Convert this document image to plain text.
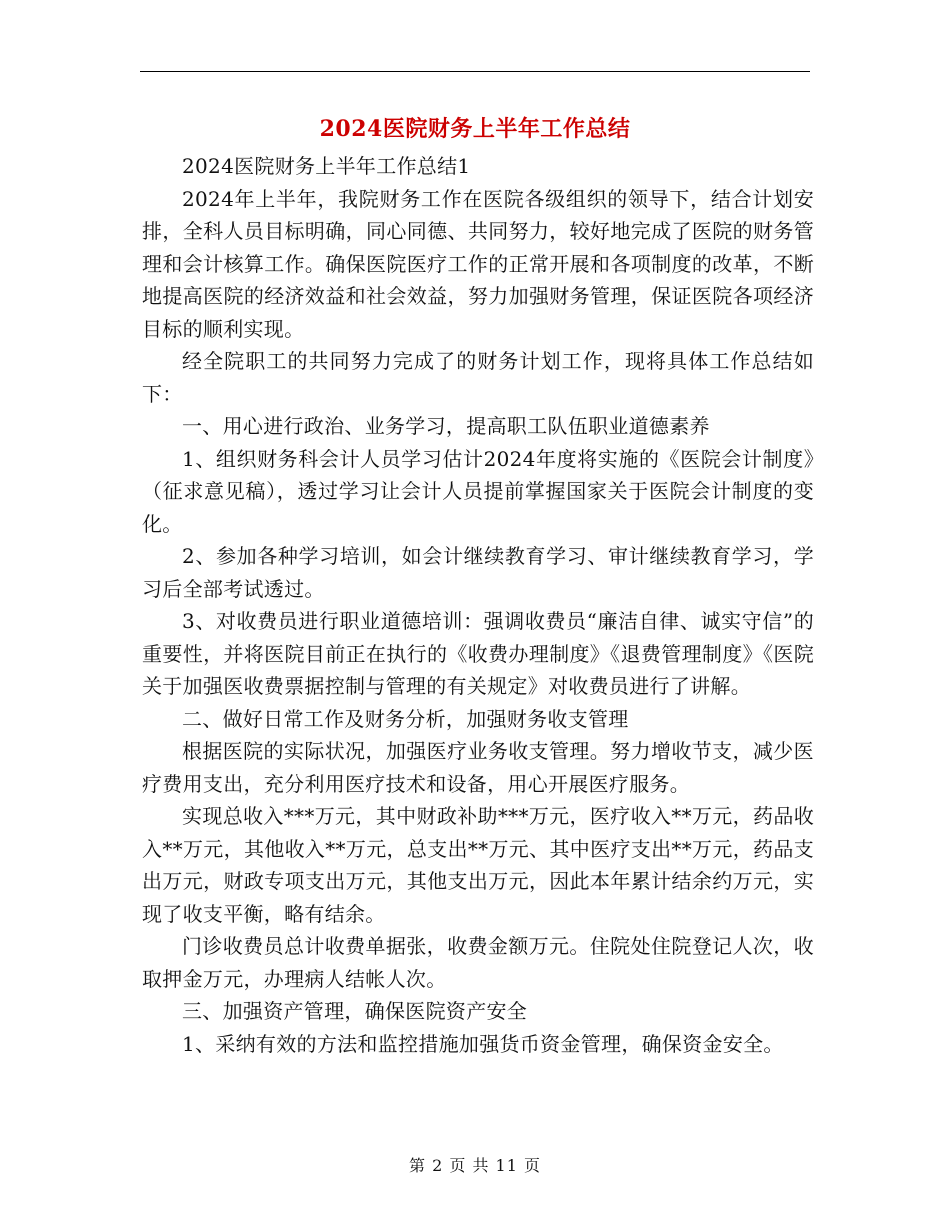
2024医院财务上半年工作总结

2024医院财务上半年工作总结1

2024年上半年，我院财务工作在医院各级组织的领导下，结合计划安排，全科人员目标明确，同心同德、共同努力，较好地完成了医院的财务管理和会计核算工作。确保医院医疗工作的正常开展和各项制度的改革，不断地提高医院的经济效益和社会效益，努力加强财务管理，保证医院各项经济目标的顺利实现。

经全院职工的共同努力完成了的财务计划工作，现将具体工作总结如下：

一、用心进行政治、业务学习，提高职工队伍职业道德素养

1、组织财务科会计人员学习估计2024年度将实施的《医院会计制度》（征求意见稿），透过学习让会计人员提前掌握国家关于医院会计制度的变化。

2、参加各种学习培训，如会计继续教育学习、审计继续教育学习，学习后全部考试透过。

3、对收费员进行职业道德培训：强调收费员“廉洁自律、诚实守信”的重要性，并将医院目前正在执行的《收费办理制度》《退费管理制度》《医院关于加强医收费票据控制与管理的有关规定》对收费员进行了讲解。

二、做好日常工作及财务分析，加强财务收支管理

根据医院的实际状况，加强医疗业务收支管理。努力增收节支，减少医疗费用支出，充分利用医疗技术和设备，用心开展医疗服务。

实现总收入***万元，其中财政补助***万元，医疗收入**万元，药品收入**万元，其他收入**万元，总支出**万元、其中医疗支出**万元，药品支出万元，财政专项支出万元，其他支出万元，因此本年累计结余约万元，实现了收支平衡，略有结余。

门诊收费员总计收费单据张，收费金额万元。住院处住院登记人次，收取押金万元，办理病人结帐人次。

三、加强资产管理，确保医院资产安全

1、采纳有效的方法和监控措施加强货币资金管理，确保资金安全。

第 2 页 共 11 页
